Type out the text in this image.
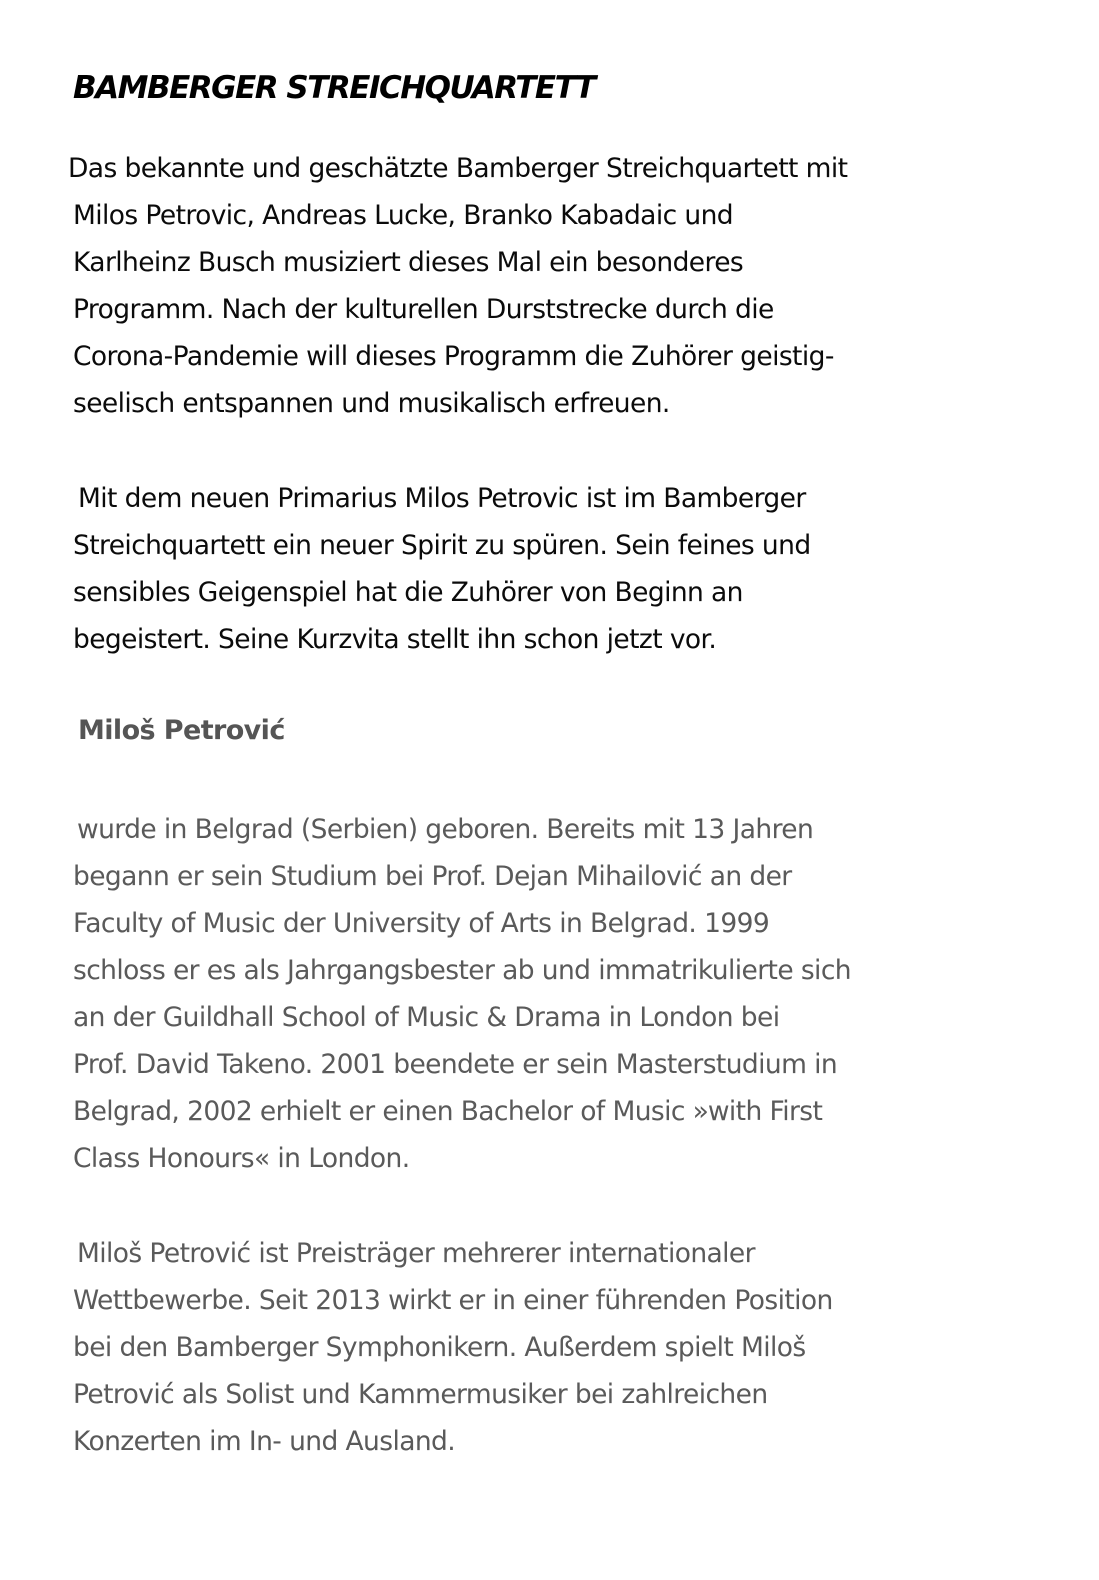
BAMBERGER STREICHQUARTETT

Das bekannte und geschätzte Bamberger Streichquartett mit
Milos Petrovic, Andreas Lucke, Branko Kabadaic und
Karlheinz Busch musiziert dieses Mal ein besonderes
Programm. Nach der kulturellen Durststrecke durch die
Corona-Pandemie will dieses Programm die Zuhörer geistig-
seelisch entspannen und musikalisch erfreuen.

Mit dem neuen Primarius Milos Petrovic ist im Bamberger
Streichquartett ein neuer Spirit zu spüren. Sein feines und
sensibles Geigenspiel hat die Zuhörer von Beginn an
begeistert. Seine Kurzvita stellt ihn schon jetzt vor.

Miloš Petrović

wurde in Belgrad (Serbien) geboren. Bereits mit 13 Jahren
begann er sein Studium bei Prof. Dejan Mihailović an der
Faculty of Music der University of Arts in Belgrad. 1999
schloss er es als Jahrgangsbester ab und immatrikulierte sich
an der Guildhall School of Music & Drama in London bei
Prof. David Takeno. 2001 beendete er sein Masterstudium in
Belgrad, 2002 erhielt er einen Bachelor of Music »with First
Class Honours« in London.

Miloš Petrović ist Preisträger mehrerer internationaler
Wettbewerbe. Seit 2013 wirkt er in einer führenden Position
bei den Bamberger Symphonikern. Außerdem spielt Miloš
Petrović als Solist und Kammermusiker bei zahlreichen
Konzerten im In- und Ausland.
